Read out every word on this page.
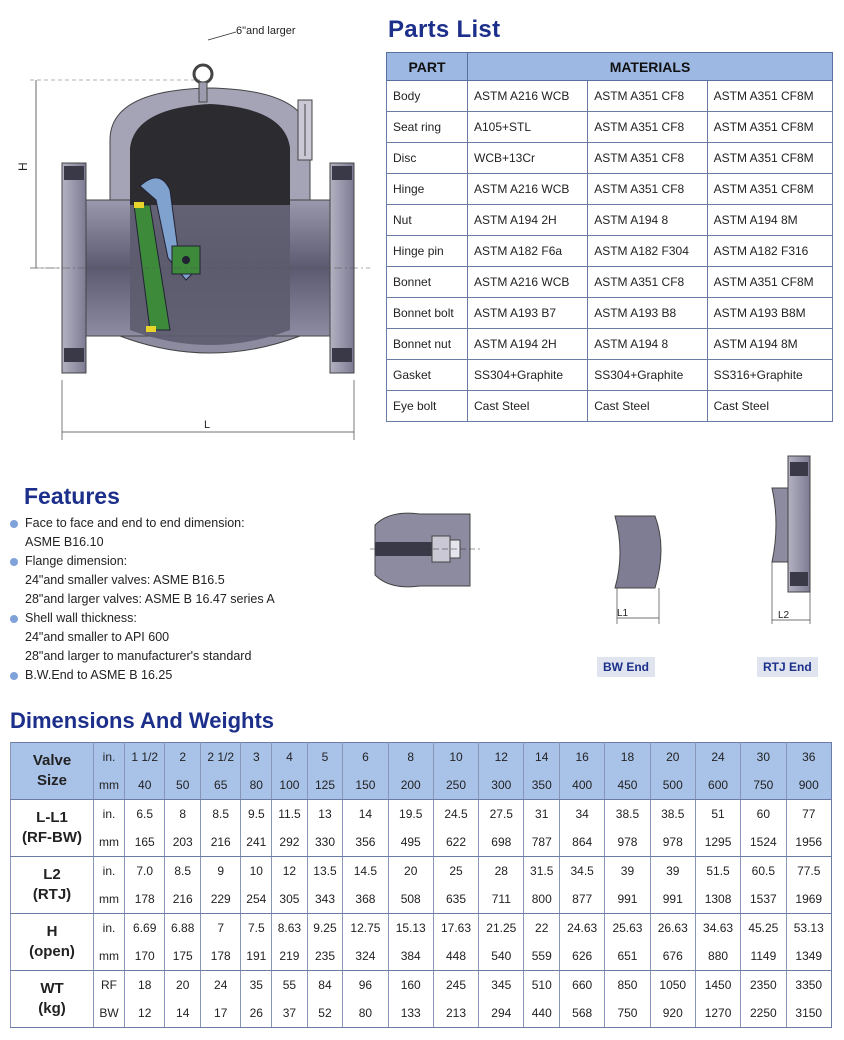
6"and larger
H
L
Parts List
PART	MATERIALS		
Body	ASTM A216 WCB	ASTM A351 CF8	ASTM A351 CF8M
Seat ring	A105+STL	ASTM A351 CF8	ASTM A351 CF8M
Disc	WCB+13Cr	ASTM A351 CF8	ASTM A351 CF8M
Hinge	ASTM A216 WCB	ASTM A351 CF8	ASTM A351 CF8M
Nut	ASTM A194 2H	ASTM A194 8	ASTM A194 8M
Hinge pin	ASTM A182 F6a	ASTM A182 F304	ASTM A182 F316
Bonnet	ASTM A216 WCB	ASTM A351 CF8	ASTM A351 CF8M
Bonnet bolt	ASTM A193 B7	ASTM A193 B8	ASTM A193 B8M
Bonnet nut	ASTM A194 2H	ASTM A194 8	ASTM A194 8M
Gasket	SS304+Graphite	SS304+Graphite	SS316+Graphite
Eye bolt	Cast Steel	Cast Steel	Cast Steel
Features
Face to face and end to end dimension:
ASME B16.10
Flange dimension:
24"and smaller valves: ASME B16.5
28"and larger valves: ASME B 16.47 series A
Shell wall thickness:
24"and smaller to API 600
28"and larger to manufacturer's standard
B.W.End to ASME B 16.25
L1
BW End
L2
RTJ End
Dimensions And Weights
Valve
Size	in.	1 1/2	2	2 1/2	3	4	5	6	8	10	12	14	16	18	20	24	30	36
	mm	40	50	65	80	100	125	150	200	250	300	350	400	450	500	600	750	900

L-L1
(RF-BW)	in.	6.5	8	8.5	9.5	11.5	13	14	19.5	24.5	27.5	31	34	38.5	38.5	51	60	77
	mm	165	203	216	241	292	330	356	495	622	698	787	864	978	978	1295	1524	1956

L2
(RTJ)	in.	7.0	8.5	9	10	12	13.5	14.5	20	25	28	31.5	34.5	39	39	51.5	60.5	77.5
	mm	178	216	229	254	305	343	368	508	635	711	800	877	991	991	1308	1537	1969

H
(open)	in.	6.69	6.88	7	7.5	8.63	9.25	12.75	15.13	17.63	21.25	22	24.63	25.63	26.63	34.63	45.25	53.13
	mm	170	175	178	191	219	235	324	384	448	540	559	626	651	676	880	1149	1349

WT
(kg)	RF	18	20	24	35	55	84	96	160	245	345	510	660	850	1050	1450	2350	3350
	BW	12	14	17	26	37	52	80	133	213	294	440	568	750	920	1270	2250	3150
